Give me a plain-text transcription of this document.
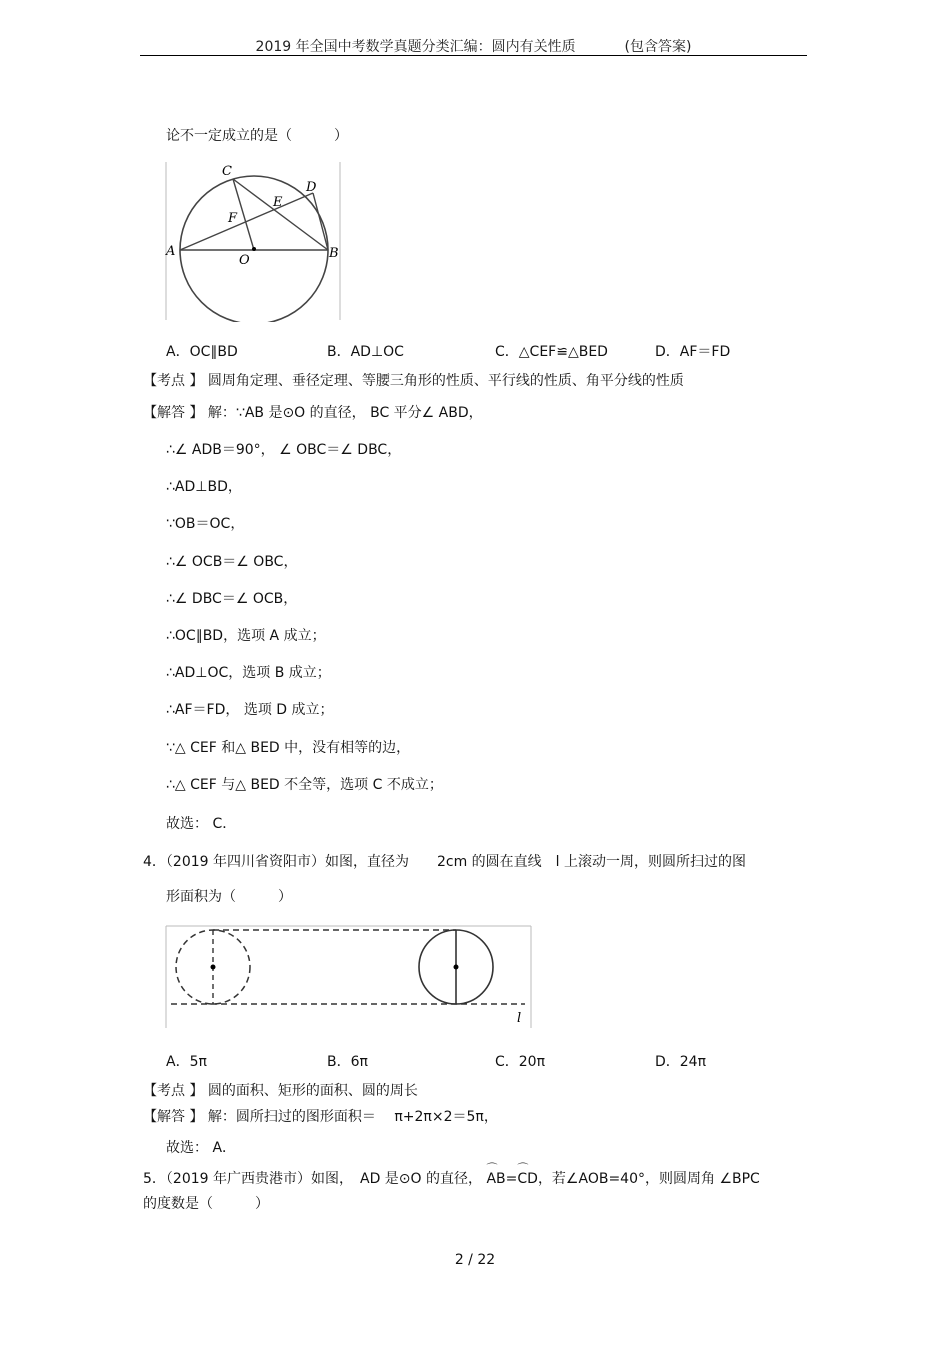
2019 年全国中考数学真题分类汇编：圆内有关性质	(包含答案)
论不一定成立的是（　　　）
C
D
E
F
A
O	B
A．OC∥BD	B．AD⊥OC	C．△CEF≌△BED	D．AF＝FD
【考点 】 圆周角定理、垂径定理、等腰三角形的性质、平行线的性质、角平分线的性质
【解答 】 解：∵AB 是⊙O 的直径， BC 平分∠ ABD，
∴∠ ADB＝90°， ∠ OBC＝∠ DBC，
∴AD⊥BD，
∵OB＝OC，
∴∠ OCB＝∠ OBC，
∴∠ DBC＝∠ OCB，
∴OC∥BD，选项 A 成立；
∴AD⊥OC，选项 B 成立；
∴AF＝FD， 选项 D 成立；
∵△ CEF 和△ BED 中，没有相等的边，
∴△ CEF 与△ BED 不全等，选项 C 不成立；
故选： C．
4．（2019 年四川省资阳市）如图，直径为　　2cm 的圆在直线　l 上滚动一周，则圆所扫过的图
形面积为（　　　）
l
A．5π	B．6π	C．20π	D．24π
【考点 】 圆的面积、矩形的面积、圆的周长
【解答 】 解：圆所扫过的图形面积＝　 π+2π×2＝5π，
故选： A．
5．（2019 年广西贵港市）如图，　AD 是⊙O 的直径， ⌒ AB=⌒ CD，若∠AOB=40°，则圆周角 ∠BPC
的度数是（　　　）
2 / 22
